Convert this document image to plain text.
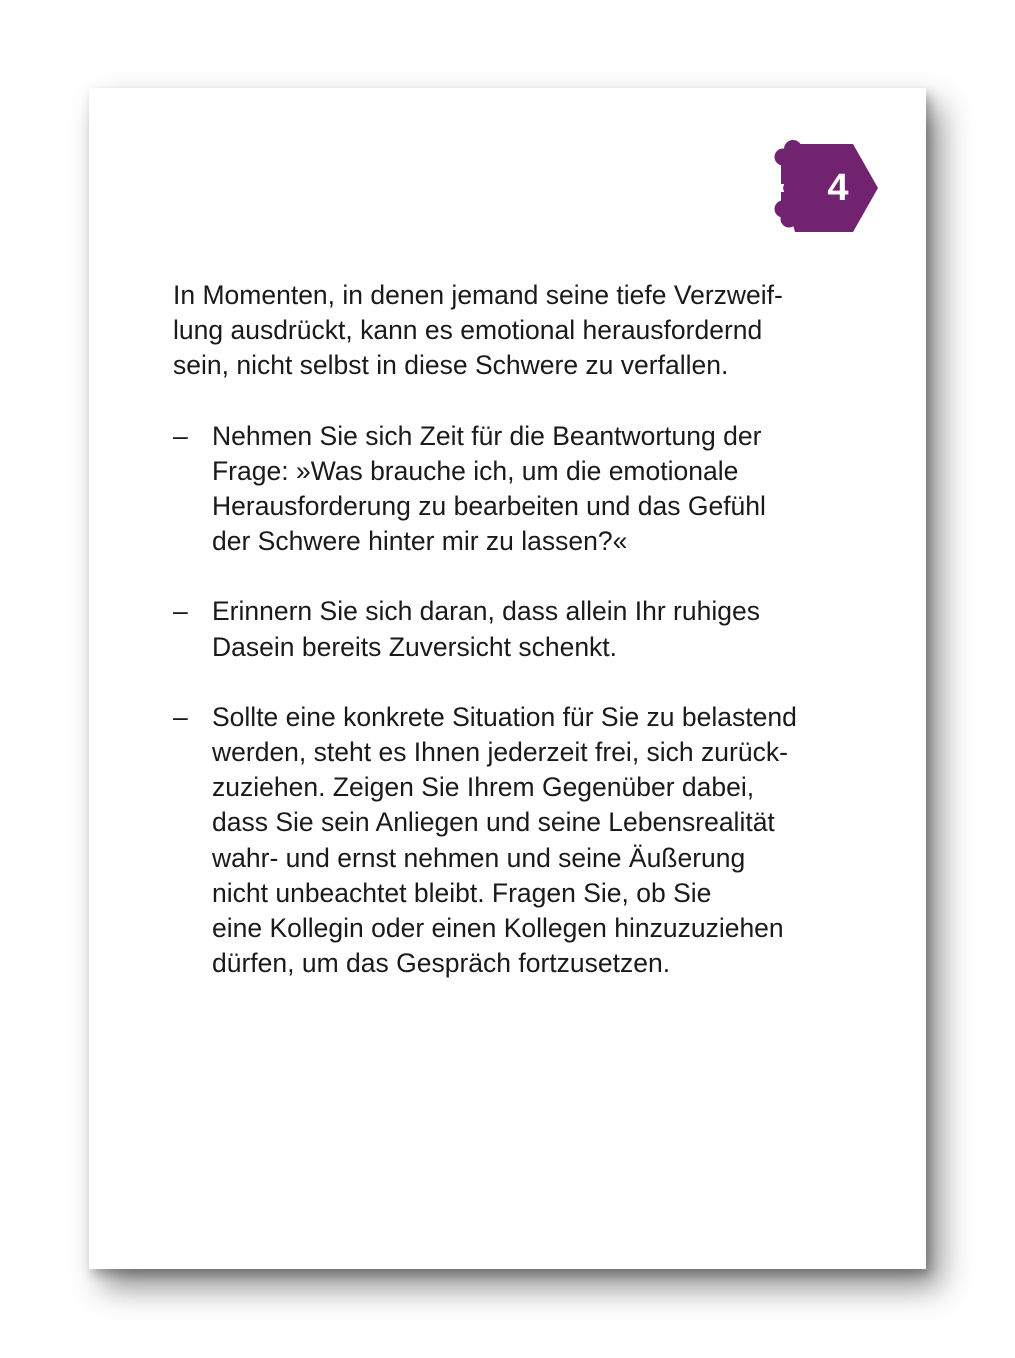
4

In Momenten, in denen jemand seine tiefe Verzweif-

lung ausdrückt, kann es emotional herausfordernd

sein, nicht selbst in diese Schwere zu verfallen.

– Nehmen Sie sich Zeit für die Beantwortung der

Frage: »Was brauche ich, um die emotionale

Herausforderung zu bearbeiten und das Gefühl

der Schwere hinter mir zu lassen?«

– Erinnern Sie sich daran, dass allein Ihr ruhiges

Dasein bereits Zuversicht schenkt.

– Sollte eine konkrete Situation für Sie zu belastend

werden, steht es Ihnen jederzeit frei, sich zurück-

zuziehen. Zeigen Sie Ihrem Gegenüber dabei,

dass Sie sein Anliegen und seine Lebensrealität

wahr- und ernst nehmen und seine Äußerung

nicht unbeachtet bleibt. Fragen Sie, ob Sie

eine Kollegin oder einen Kollegen hinzuzuziehen

dürfen, um das Gespräch fortzusetzen.
